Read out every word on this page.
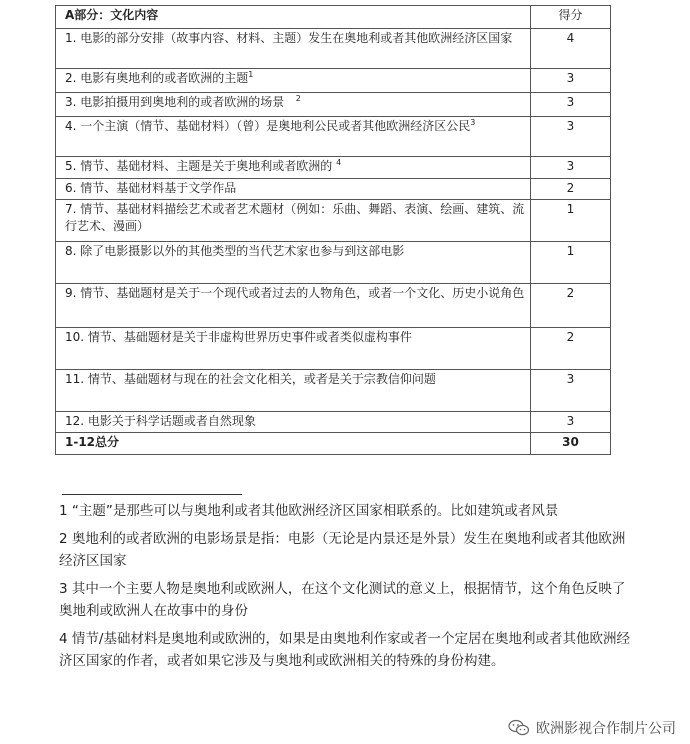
A部分：文化内容	得分
1. 电影的部分安排（故事内容、材料、主题）发生在奥地利或者其他欧洲经济区国家	4
2. 电影有奥地利的或者欧洲的主题$^1$	3
3. 电影拍摄用到奥地利的或者欧洲的场景 $^2$	3
4. 一个主演（情节、基础材料）（曾）是奥地利公民或者其他欧洲经济区公民$^3$	3
5. 情节、基础材料、主题是关于奥地利或者欧洲的 $^4$	3
6. 情节、基础材料基于文学作品	2
7. 情节、基础材料描绘艺术或者艺术题材（例如：乐曲、舞蹈、表演、绘画、建筑、流行艺术、漫画）	1
8. 除了电影摄影以外的其他类型的当代艺术家也参与到这部电影	1
9. 情节、基础题材是关于一个现代或者过去的人物角色，或者一个文化、历史小说角色	2
10. 情节、基础题材是关于非虚构世界历史事件或者类似虚构事件	2
11. 情节、基础题材与现在的社会文化相关，或者是关于宗教信仰问题	3
12. 电影关于科学话题或者自然现象	3
1-12总分	30

1 “主题”是那些可以与奥地利或者其他欧洲经济区国家相联系的。比如建筑或者风景

2 奥地利的或者欧洲的电影场景是指：电影（无论是内景还是外景）发生在奥地利或者其他欧洲经济区国家

3 其中一个主要人物是奥地利或欧洲人，在这个文化测试的意义上，根据情节，这个角色反映了奥地利或欧洲人在故事中的身份

4 情节/基础材料是奥地利或欧洲的，如果是由奥地利作家或者一个定居在奥地利或者其他欧洲经济区国家的作者，或者如果它涉及与奥地利或欧洲相关的特殊的身份构建。

欧洲影视合作制片公司
